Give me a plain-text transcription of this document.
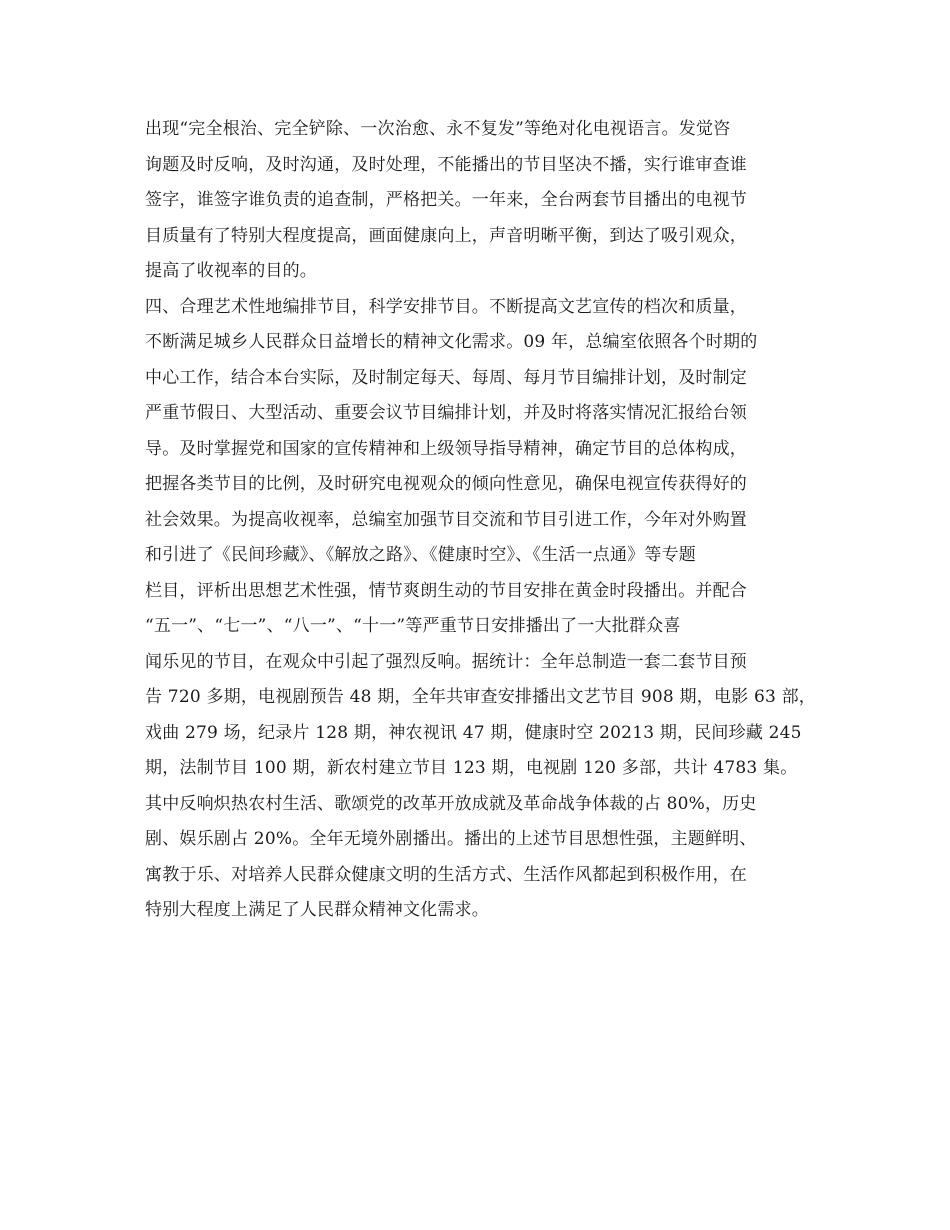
出现“完全根治、完全铲除、一次治愈、永不复发”等绝对化电视语言。发觉咨
询题及时反响，及时沟通，及时处理，不能播出的节目坚决不播，实行谁审查谁
签字，谁签字谁负责的追查制，严格把关。一年来，全台两套节目播出的电视节
目质量有了特别大程度提高，画面健康向上，声音明晰平衡，到达了吸引观众，
提高了收视率的目的。
四、合理艺术性地编排节目，科学安排节目。不断提高文艺宣传的档次和质量，
不断满足城乡人民群众日益增长的精神文化需求。09 年，总编室依照各个时期的
中心工作，结合本台实际，及时制定每天、每周、每月节目编排计划，及时制定
严重节假日、大型活动、重要会议节目编排计划，并及时将落实情况汇报给台领
导。及时掌握党和国家的宣传精神和上级领导指导精神，确定节目的总体构成，
把握各类节目的比例，及时研究电视观众的倾向性意见，确保电视宣传获得好的
社会效果。为提高收视率，总编室加强节目交流和节目引进工作，今年对外购置
和引进了《民间珍藏》、《解放之路》、《健康时空》、《生活一点通》等专题
栏目，评析出思想艺术性强，情节爽朗生动的节目安排在黄金时段播出。并配合
“五一”、“七一”、“八一”、“十一”等严重节日安排播出了一大批群众喜
闻乐见的节目，在观众中引起了强烈反响。据统计：全年总制造一套二套节目预
告 720 多期，电视剧预告 48 期，全年共审查安排播出文艺节目 908 期，电影 63 部，
戏曲 279 场，纪录片 128 期，神农视讯 47 期，健康时空 20213 期，民间珍藏 245
期，法制节目 100 期，新农村建立节目 123 期，电视剧 120 多部，共计 4783 集。
其中反响炽热农村生活、歌颂党的改革开放成就及革命战争体裁的占 80%，历史
剧、娱乐剧占 20%。全年无境外剧播出。播出的上述节目思想性强，主题鲜明、
寓教于乐、对培养人民群众健康文明的生活方式、生活作风都起到积极作用，在
特别大程度上满足了人民群众精神文化需求。
